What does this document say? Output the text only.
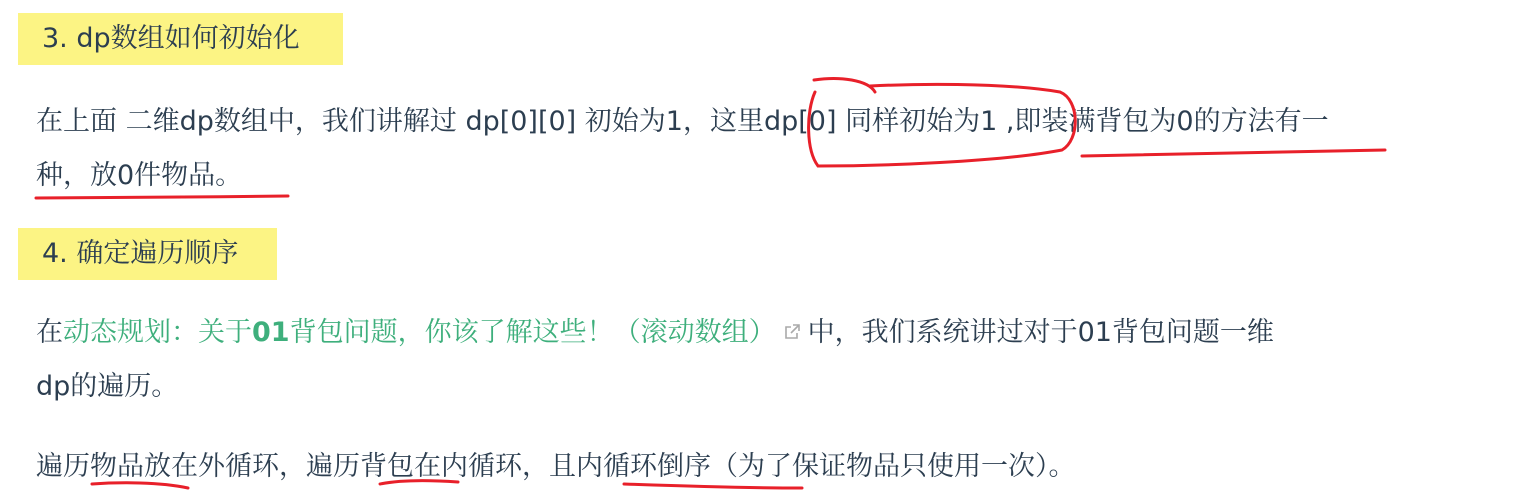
3. dp数组如何初始化
在上面 二维dp数组中，我们讲解过 dp[0][0] 初始为1，这里dp[0] 同样初始为1 ,即装满背包为0的方法有一
种，放0件物品。
4. 确定遍历顺序
在动态规划：关于01背包问题，你该了解这些！（滚动数组） 中，我们系统讲过对于01背包问题一维
dp的遍历。
遍历物品放在外循环，遍历背包在内循环，且内循环倒序（为了保证物品只使用一次）。
